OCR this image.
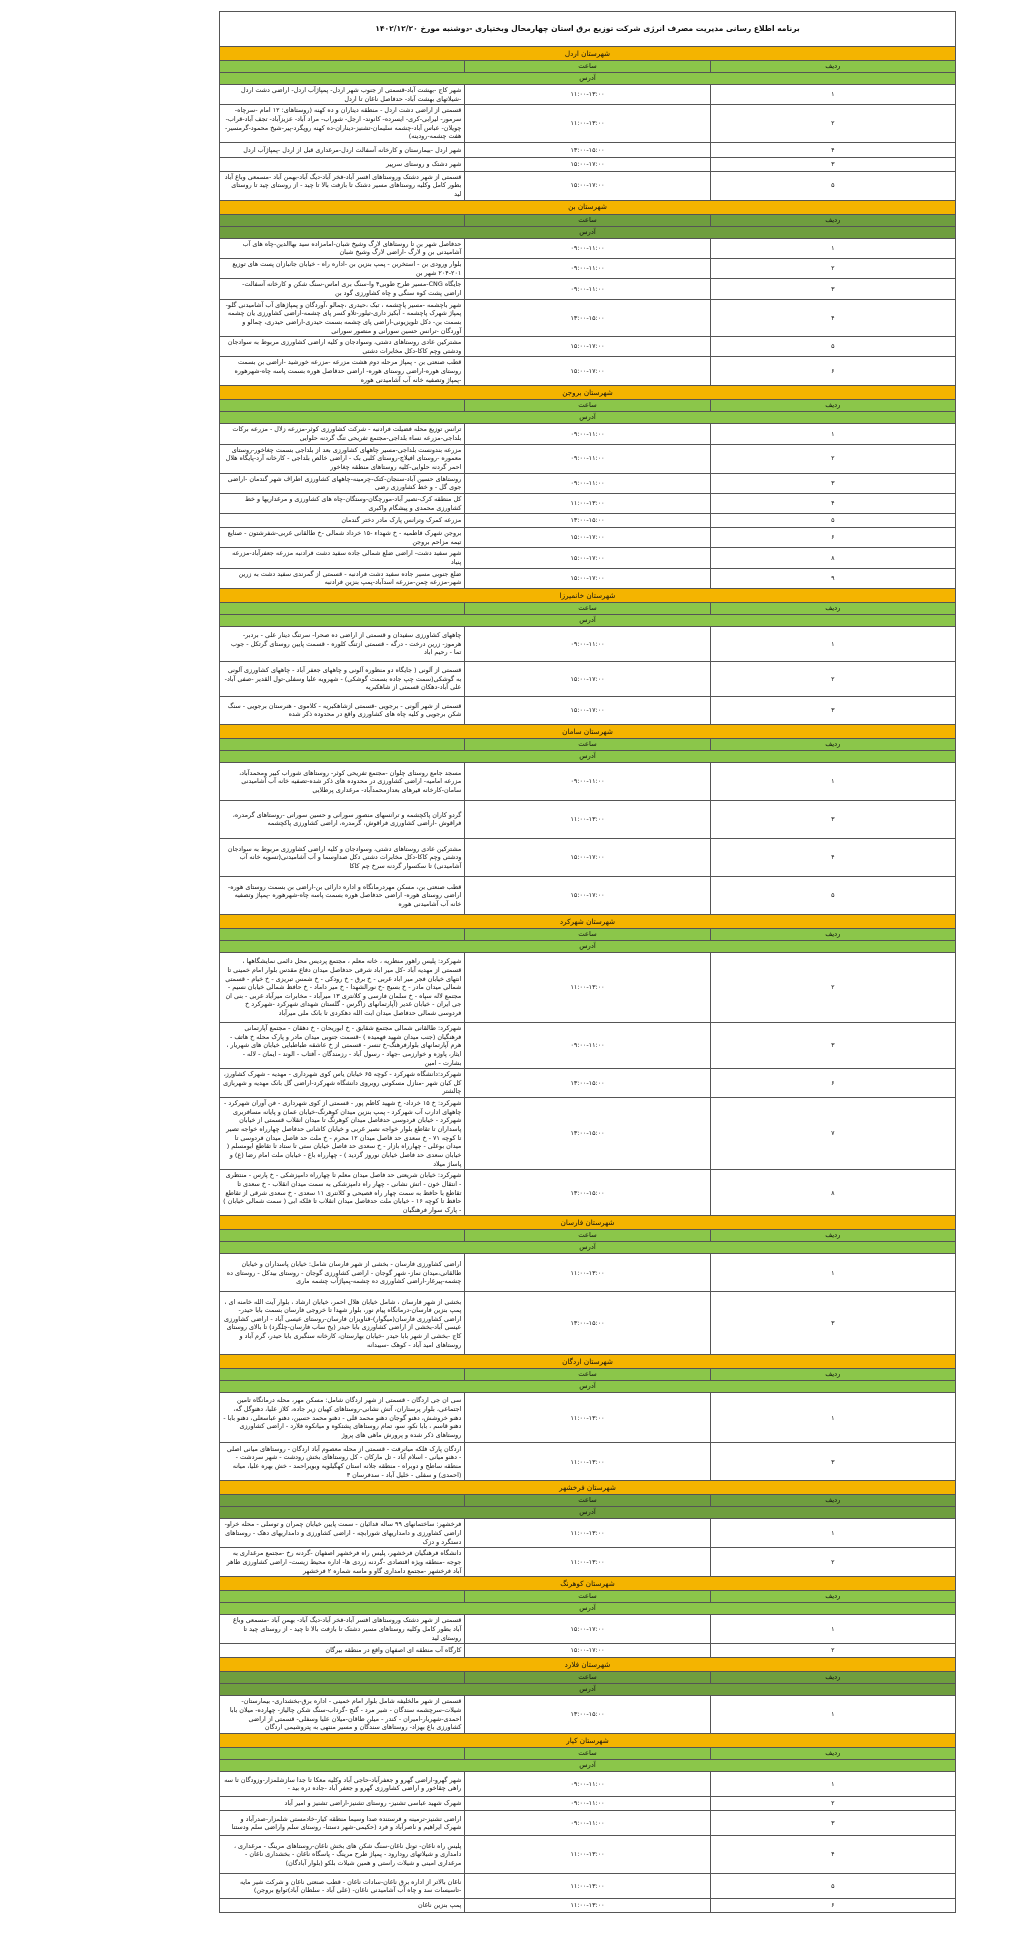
برنامه اطلاع رسانی مدیریت مصرف انرژی شرکت توزیع برق استان چهارمحال وبختیاری -دوشنبه مورخ ۱۴۰۲/۱۲/۲۰		
شهرستان اردل		
ردیف	ساعت	
آدرس		
۱	۱۱:۰۰-۱۳:۰۰	شهر کاج -بهشت آباد-قسمتی از جنوب شهر اردل- پمپاژآب اردل- اراضی دشت اردل -شیلاتهای بهشت آباد- حدفاصل ناغان تا اردل
۲	۱۱:۰۰-۱۳:۰۰	قسمتی از اراضی دشت اردل - منطقه دیناران و ده کهنه (روستاهای: ۱۲ امام -سرچاه- سرمور- لیرابی-کری- ایسرده- کانوند- ارجل- شوراب- مراد آباد- عزیزآباد- تجف آباد-قراب-چویلان- عباس آباد-چشمه سلیمان-تشنیز-دیناران-ده کهنه روپگرد-پیر-شیخ محمود-گرمسیر-هفت چشمه-رودینه)
۴	۱۳:۰۰-۱۵:۰۰	شهر اردل -بیمارستان و کارخانه آسفالت اردل-مرغداری قبل از اردل -پمپاژآب اردل
۳	۱۵:۰۰-۱۷:۰۰	شهر دشتک و روستای سرپیر
۵	۱۵:۰۰-۱۷:۰۰	قسمتی از شهر دشتک وروستاهای افسر آباد-فخر آباد-دیگ آباد-بهمن آباد -مسمعی وباغ آباد بطور کامل وکلیه روستاهای مسیر دشتک تا بازفت بالا تا چید - از روستای چید تا روستای لید
شهرستان بن		
ردیف	ساعت	
آدرس		
۱	۰۹:۰۰-۱۱:۰۰	حدفاصل شهر بن تا روستاهای لارگ وشیخ شبان-امامزاده سید بهاالدین-چاه های آب آشامیدنی بن و لارگ -اراضی لارگ وشیخ شبان
۲	۰۹:۰۰-۱۱:۰۰	بلوار ورودی بن - استخربن - پمپ بنزین بن -اداره راه - خیابان جانبازان پست های توزیع ۲۰۱-۲۰۴ شهر بن
۳	۰۹:۰۰-۱۱:۰۰	جایگاه CNG-مسیر طرح طوبی۴ وا-سنگ بری اماس-سنگ شکن و کارخانه آسفالت- اراضی پشت کوه سنگی و چاه کشاورزی گود بن
۴	۱۳:۰۰-۱۵:۰۰	شهر باچشمه -مسیر پاچشمه ، تبک ،حیدری ،چمالو ،آوردگان و پمپاژهای آب آشامیدنی گلو- پمپاژ شهرک پاچشمه - آبکیز داری-تیلور-تلاو کسر پای چشمه-اراضی کشاورزی یان چشمه بسمت بن- دکل تلویزیونی-اراضی پای چشمه بسمت حیدری-اراضی حیدری، چمالو و آوردگان -ترانس حسین سورانی و منصور سورانی
۵	۱۵:۰۰-۱۷:۰۰	مشترکین عادی روستاهای دشتی، وسوادجان و کلیه اراضی کشاورزی مربوط به سوادجان ودشتی وچم کاکا-دکل مخابرات دشتی
۶	۱۵:۰۰-۱۷:۰۰	قطب صنعتی بن - پمپاژ مرحله دوم هشت مزرعه -مزرعه خورشید -اراضی بن بسمت روستای هوره-اراضی روستای هوره- اراضی حدفاصل هوره بسمت پاسه چاه-شهرهوره -پمپاژ وتصفیه خانه آب آشامیدنی هوره
شهرستان بروجن		
ردیف	ساعت	
آدرس		
۱	۰۹:۰۰-۱۱:۰۰	ترانس توزیع محله فضیلت فرادنبه - شرکت کشاورزی کوثر-مزرعه زلال - مزرعه برکات بلداجی-مزرعه نساء بلداجی-مجتمع تفریحی تنگ گردنه حلوایی
۲	۰۹:۰۰-۱۱:۰۰	مزرعه بندونست بلداجی-مسیر چاههای کشاورزی بعد از بلداجی بسمت چغاخور-روستای معموره -روستای افیلاچ-روستای کلبی بک - اراضی خالص بلداجی - کارخانه آرد-پایگاه هلال احمر گردنه حلوایی-کلیه روستاهای منطقه چغاخور
۳	۰۹:۰۰-۱۱:۰۰	روستاهای حسین آباد-سنجان-کتک-چرمینه-چاههای کشاورزی اطراف شهر گندمان -اراضی جوی گل - و خط کشاورزی رضی
۴	۱۱:۰۰-۱۳:۰۰	کل منطقه کرک-نصیر آباد-مورچگان-وستگان-چاه های کشاورزی و مرغداریها و خط کشاورزی محمدی و پیشگام واکبری
۵	۱۳:۰۰-۱۵:۰۰	مزرعه کمرک وترانس پارک مادر دختر گندمان
۶	۱۵:۰۰-۱۷:۰۰	بروجن شهرک فاطمیه - خ شهداء -۱۵ خرداد شمالی -خ طالقانی غربی-شفرشتون - صنایع تیمه مزاحم بروجن
۸	۱۵:۰۰-۱۷:۰۰	شهر سفید دشت- اراضی ضلع شمالی جاده سفید دشت فرادنبه مزرعه جعفرآباد-مزرعه پنیاد
۹	۱۵:۰۰-۱۷:۰۰	ضلع جنوبی مسیر جاده سفید دشت فرادنبه - قسمتی از گمرندی سفید دشت به زرین شهر-مزرعه چمن-مزرعه اسدآباد-پمپ بنزین فرادنبه
شهرستان خانمیرزا		
ردیف	ساعت	
آدرس		
۱	۰۹:۰۰-۱۱:۰۰	چاههای کشاورزی سفیدان و قسمتی از اراضی ده صحرا- سرتنگ دینار علی - بردبر- هرموز- زرین درخت - درگه - قسمتی ازتنگ کلوره - قسمت پایین روستای گرتکل - جوب تما - رحیم اباد
۲	۱۵:۰۰-۱۷:۰۰	قسمتی از آلونی ( جایگاه دو منظوره آلونی و چاههای جعفر آباد - چاههای کشاورزی آلونی به گوشکی(سمت چپ جاده بسمت گوشکی) - شهرویه علیا وسفلی-تول القدیر -صفی آباد-علی آباد-دهکان قسمتی از شاهکبریه
۳	۱۵:۰۰-۱۷:۰۰	قسمتی از شهر آلونی - برجویی -قسمتی ازشاهکبریه - کلاموی - هنرستان برجویی - سنگ شکن برجویی و کلیه چاه های کشاورزی واقع در محدوده ذکر شده
شهرستان سامان		
ردیف	ساعت	
آدرس		
۱	۰۹:۰۰-۱۱:۰۰	مسجد جامع روستای چلوان -مجتمع تفریحی کوثر- روستاهای شوراب کبیر ومحمدآباد، مزرعه امامیه- اراضی کشاورزی در محدوده های ذکر شده-تصفیه خانه آب آشامیدنی سامان-کارخانه قیرهای بعدازمحمدآباد- مرغداری پرطلایی
۳	۱۱:۰۰-۱۳:۰۰	گردو کاران پاکچشمه و ترانسهای منصور سورانی و حسین سورانی -روستاهای گرمدره، فراقوش -اراضی کشاورزی فراقوش، گرمدره، اراضی کشاورزی پاکچشمه
۴	۱۵:۰۰-۱۷:۰۰	مشترکین عادی روستاهای دشتی، وسوادجان و کلیه اراضی کشاورزی مربوط به سوادجان ودشتی وچم کاکا-دکل مخابرات دشتی دکل صداوسما و آب آشامیدنی(تسویه خانه آب آشامیدنی) تا سکسوار گردنه سرخ چم کاکا
۵	۱۵:۰۰-۱۷:۰۰	قطب صنعتی بن، مسکن مهردرمانگاه و اداره دارائی بن-اراضی بن بسمت روستای هوره-اراضی روستای هوره- اراضی حدفاصل هوره بسمت پاسه چاه-شهرهوره -پمپاژ وتصفیه خانه آب آشامیدنی هوره
شهرستان شهرکرد		
ردیف	ساعت	
آدرس		
۲	۱۱:۰۰-۱۳:۰۰	شهرکرد: پلیس راهور منظریه ، خانه معلم ، مجتمع پردیس محل دائمی نمایشگاهها ، قسمتی از مهدیه آباد -کل میر اباد شرقی حدفاصل میدان دفاع مقدس بلوار امام خمینی تا انتهای خیابان فجر میر اباد غربی - خ برق - خ رودکی - خ شمس تبریزی - خ خیام - قسمتی شمالی میدان مادر - خ بسیج -خ نورالشهدا - خ میر داماد - خ حافظ شمالی خیابان نسیم - مجتمع لاله سپاه - خ سلمان فارسی و کلانتری ۱۳ میرآباد - مخابرات میرآباد غربی - بنی ان جی ایران - خیابان غدیر (آپارتمانهای زاگرس - گلستان شهدای شهرکرد -شهرکرد خ فردوسی شمالی حدفاصل میدان ابت الله دهکردی تا بانک ملی میرآباد
۳	۰۹:۰۰-۱۱:۰۰	شهرکرد: طالقانی شمالی مجتمع شقایق - خ ابوریحان - خ دهقان - مجتمع آپارتمانی فرهنگیان (جنب میدان شهید فهمیده ) -قسمت جنوبی میدان مادر و پارک محله خ هاتف - هرم آپارتمانهای بلوارفرهنگ-خ تنسر - قسمتی از خ عاشقه طباطبایی خیابان های شهریار ، ایثار، پاوزه و خوارزمی -جهاد - رسول آباد - رزمندگان - آفتاب - الوند - ایمان - لاله - بشارت - امین
۶	۱۳:۰۰-۱۵:۰۰	شهرکرد:دانشگاه شهرکرد - کوچه ۶۵ خیابان یاس کوی شهرداری - مهدیه - شهرک کشاورز، کل کیان شهر -منازل مسکونی روبروی دانشگاه شهرکرد-اراضی گل بانک مهدیه و شهربازی چالشتر
۷	۱۳:۰۰-۱۵:۰۰	شهرکرد: خ ۱۵ خرداد- خ شهید کاظم پور - قسمتی از کوی شهرداری - فن آوران شهرکرد - چاههای ادارب آب شهرکرد - پمپ بنزین میدان کوهرنگ-خیابان عمان و پایانه مسافربری شهرکرد - خیابان فردوسی حدفاصل میدان کوهرنگ تا میدان انقلاب قسمتی از خیابان پاسداران تا تقاطع بلوار خواجه نصیر غربی و خیابان کاشانی حدفاصل چهارراه خواجه تصیر تا کوچه ۷۱ - خ سعدی حد فاصل میدان ۱۲ محرم - خ ملت حد فاصل میدان فردوسی تا میدان بوعلی - چهارراه بازار - خ سعدی حد فاصل خیابان ستی تا ستاد تا تقاطع ابومسلم ( خیابان سعدی حد فاصل خیابان نوروز گردید ) - چهارراه باغ - خیابان ملت امام رضا (ع) و پاساژ میلاد
۸	۱۳:۰۰-۱۵:۰۰	شهرکرد: خیابان شریعتی حد فاصل میدان معلم تا چهارراه دامپزشکی - خ پارس - منتظری - انتقال خون - اتش نشانی - چهار راه دامپزشکی به سمت میدان انقلاب - خ سعدی تا تقاطع با حافظ به سمت چهار راه فصیحی و کلانتری ۱۱ سعدی - خ سعدی شرقی از تقاطع حافظ تا کوچه ۱۶ - خیابان ملت حدفاصل میدان انقلاب تا فلکه ابی ( سمت شمالی خیابان ) - پارک سوار فرهنگیان
شهرستان فارسان		
ردیف	ساعت	
آدرس		
۱	۱۱:۰۰-۱۳:۰۰	اراضی کشاورزی فارسان - بخشی از شهر فارسان شامل: خیابان پاسداران و خیابان طالقانی،میدان نماز- شهر گوجان - اراضی کشاورزی گوجان - روستای بیدکل - روستای ده چشمه-پیرغار-اراضی کشاورزی ده چشمه-پمپاژآب چشمه ماری
۳	۱۳:۰۰-۱۵:۰۰	بخشی از شهر فارسان ، شامل خیابان هلال احمر، خیابان ارشاد ، بلوار آیت الله خامنه ای ، پمپ بنزین فارسان-درمانگاه پیام نور، بلوار شهدا تا خروجی فارسان بسمت بابا حیدر-اراضی کشاورزی فارسان(میگوار)-قناویزان فارسان-روستای عیسی آباد - اراضی کشاورزی عیسی آباد-بخشی از اراضی کشاورزی بابا حیدر (یخ ساب فارسان-چلگرد) تا بالای روستای کاج -بخشی از شهر بابا حیدر -خیابان بهارستان، کارخانه سنگبری بابا حیدر، گرم آباد و روستاهای امید آباد - کوهک -سیبدانه
شهرستان اردگان		
ردیف	ساعت	
آدرس		
۱	۱۱:۰۰-۱۳:۰۰	سی ان جی اردگان - قسمتی از شهر اردگان شامل: مسکن مهر، محله درمانگاه تامین اجتماعی، بلوار پرستاران، آتش نشانی-روستاهای کهیان زیر جاده، کلاز علیا، دهنوگل گه، دهنو خروشش، دهنو گوجان دهنو محمد قلی - دهنو محمد حسین، دهنو عباسعلی، دهنو بابا - دهنو قاسم ، بابا نکو، سو، تمام روستاهای پشتکوه و میانکوه فلارد - اراضی کشاورزی روستاهای ذکر شده و پرورش ماهی های پروژ
۳	۱۱:۰۰-۱۳:۰۰	اردگان پارک فلکه میانرفت - قسمتی از محله معصوم آباد اردگان - روستاهای میانی اصلی - دهنو میانی - اسلام آباد - تل مارکان - کل روستاهای بخش رودشت - شهر سردشت - منطقه ساطح و دوبراه - منطقه جلانه استان کهگیلویه وبویراحمد - خش بهره علیا، میانه (احمدی) و سفلی - خلیل آباد - سدفرسان ۳
شهرستان فرخشهر		
ردیف	ساعت	
آدرس		
۱	۱۱:۰۰-۱۳:۰۰	فرخشهر: ساختمانهای ۹۹ ساله فدائیان - سمت پایین خیابان چمران و توسلی - محله خراو- اراضی کشاورزی و دامداریهای شورابچه - اراضی کشاورزی و دامداریهای دهک - روستاهای دستگرد و دزک
۲	۱۱:۰۰-۱۳:۰۰	دانشگاه فرهنگیان فرخشهر، پلیس راه فرخشهر اصفهان -گردنه رخ -مجتمع مرغداری به جوجه -منطقه ویژه اقتصادی -گردنه زردی ها- اداره محیط زیست- اراضی کشاورزی طاهر آباد فرخشهر -مجتمع دامداری گاو و ماسه شماره ۲ فرخشهر
شهرستان کوهرنگ		
ردیف	ساعت	
آدرس		
۱	۱۵:۰۰-۱۷:۰۰	قسمتی از شهر دشتک وروستاهای افسر آباد-فخر آباد-دیگ آباد- بهمن آباد -مسمعی وباغ آباد بطور کامل وکلیه روستاهای مسیر دشتک تا بازفت بالا تا چید - از روستای چید تا روستای لید
۲	۱۵:۰۰-۱۷:۰۰	کارگاه آب منطقه ای اصفهان واقع در منطقه بیرگان
شهرستان فلارد		
ردیف	ساعت	
آدرس		
۱	۱۳:۰۰-۱۵:۰۰	قسمتی از شهر مالخلیفه شامل بلوار امام خمینی - اداره برق-بخشداری- بیمارستان-شیلات-سرچشمه سندگان - شیر مرد - گنج -گرداب-سنگ شکن چالیاز- چهارده- میلان بابا احمدی-شهریار-امیران - کندر - میلن طاقان-میلان علیا وسفلی- قسمتی از اراضی کشاورزی باغ بهزاد- روستاهای سندگان و مسیر منتهی به پتروشیمی اردگان
شهرستان کیار		
ردیف	ساعت	
آدرس		
۱	۰۹:۰۰-۱۱:۰۰	شهر گهرو-اراضی گهرو و جعفرآباد-حاجی آباد وکلیه معکا تا جدا سازشلمزار-وزودگان تا سه راهی چقاخور و اراضی کشاورزی گهرو و جعفر آباد -جاده دره بید -
۲	۰۹:۰۰-۱۱:۰۰	شهرک شهید عباسی تشنیز- روستای تشنیز-اراضی تشنیز و امیر آباد
۳	۰۹:۰۰-۱۱:۰۰	اراضی تشنیز-ترمینه و فرستنده صدا وسیما منطقه کیار-خادمستی شلمزار-صدرآباد و شهرک ایراهیم و ناصرآباد و فرد (حکیمی-شهر دستنا- روستای سلم واراضی سلم ودستنا
۴	۱۱:۰۰-۱۳:۰۰	پلیس راه ناغان- تونل ناغان-سنگ شکن های بخش ناغان-روستاهای مرینگ - مرغداری ، دامداری و شیلاتهای رودارود - پمپاژ طرح مرینگ - پاسگاه ناغان - بخشداری ناغان - مرغداری امینی و شیلات راستی و همین شیلات بلکو (بلوار آبادگان)
۵	۱۱:۰۰-۱۳:۰۰	ناغان بالاتر از اداره برق ناغان-سادات ناغان - قطب صنعتی ناغان و شرکت شیر مایه -تاسیسات سد و چاه آب آشامیدنی ناغان- (علی آباد - سلطان آباد)توابع بروجن)
۶	۱۱:۰۰-۱۳:۰۰	پمپ بنزین ناغان
